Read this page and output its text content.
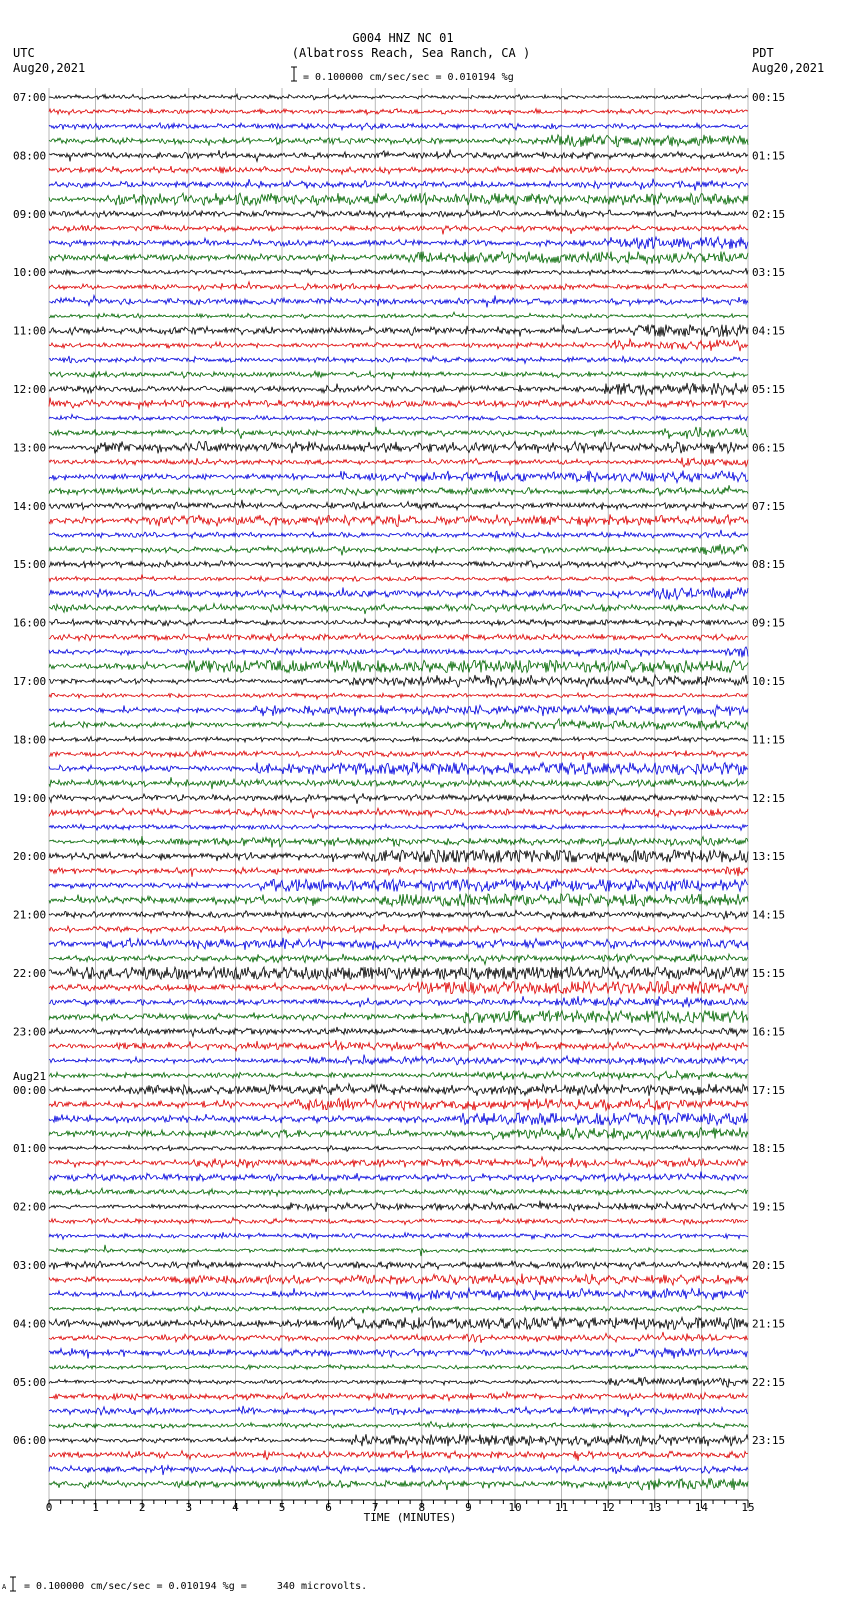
G004 HNZ NC 01
(Albatross Reach, Sea Ranch, CA )
UTC
Aug20,2021
PDT
Aug20,2021
= 0.100000 cm/sec/sec = 0.010194 %g
07:00	00:15
08:00	01:15
09:00	02:15
10:00	03:15
11:00	04:15
12:00	05:15
13:00	06:15
14:00	07:15
15:00	08:15
16:00	09:15
17:00	10:15
18:00	11:15
19:00	12:15
20:00	13:15
21:00	14:15
22:00	15:15
23:00	16:15
00:00	17:15
01:00	18:15
02:00	19:15
03:00	20:15
04:00	21:15
05:00	22:15
06:00	23:15
Aug21
0	1	2	3	4	5	6	7	8	9	10	11	12	13	14	15
TIME (MINUTES)
A = 0.100000 cm/sec/sec = 0.010194 %g =     340 microvolts.
